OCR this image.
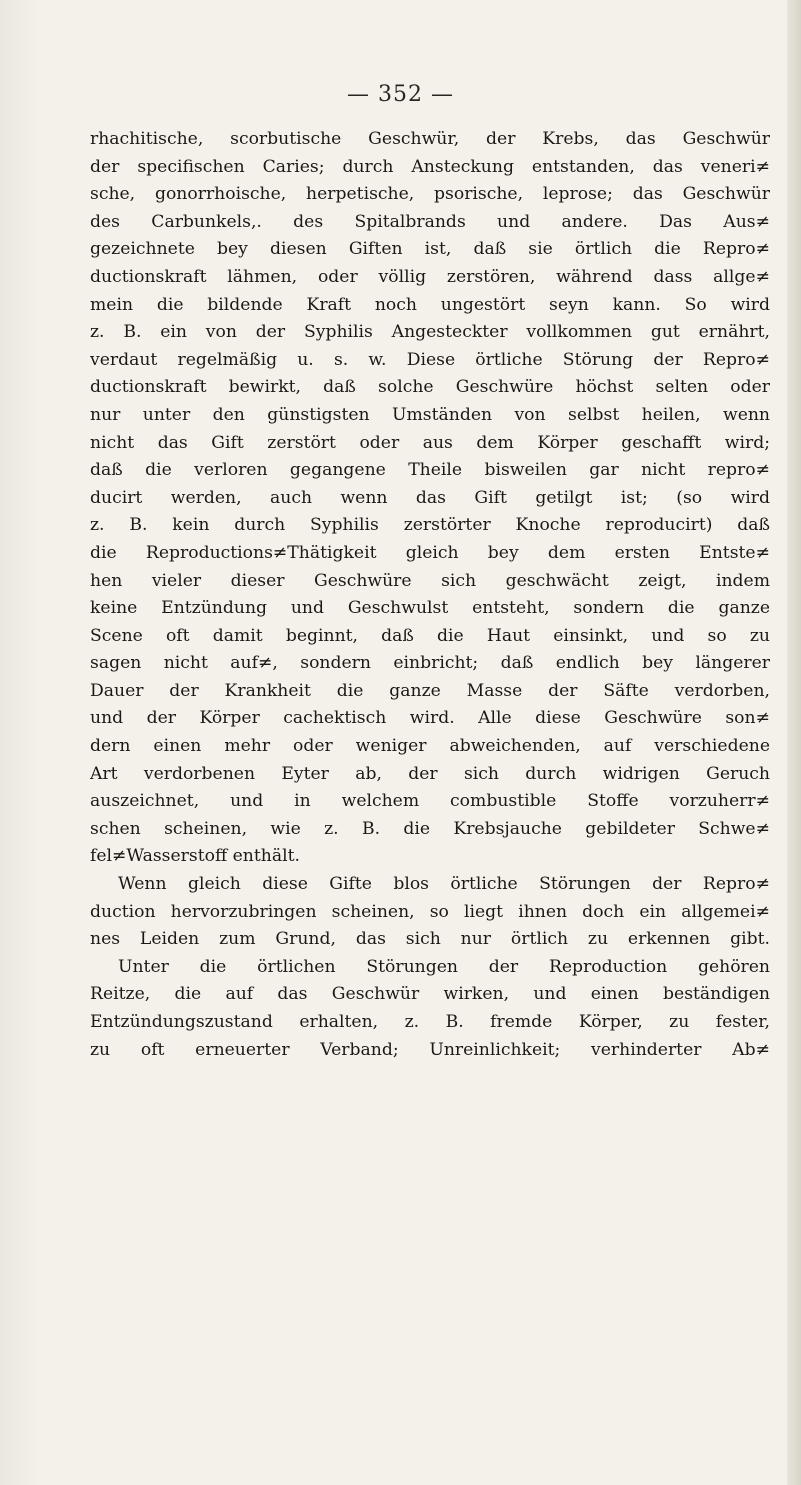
— 352 —
rhachitische, scorbutische Geschwür, der Krebs, das Geschwür
der specifischen Caries; durch Ansteckung entstanden, das veneri≠
sche, gonorrhoische, herpetische, psorische, leprose; das Geschwür
des Carbunkels,. des Spitalbrands und andere. Das Aus≠
gezeichnete bey diesen Giften ist, daß sie örtlich die Repro≠
ductionskraft lähmen, oder völlig zerstören, während dass allge≠
mein die bildende Kraft noch ungestört seyn kann. So wird
z. B. ein von der Syphilis Angesteckter vollkommen gut ernährt,
verdaut regelmäßig u. s. w. Diese örtliche Störung der Repro≠
ductionskraft bewirkt, daß solche Geschwüre höchst selten oder
nur unter den günstigsten Umständen von selbst heilen, wenn
nicht das Gift zerstört oder aus dem Körper geschafft wird;
daß die verloren gegangene Theile bisweilen gar nicht repro≠
ducirt werden, auch wenn das Gift getilgt ist; (so wird
z. B. kein durch Syphilis zerstörter Knoche reproducirt) daß
die Reproductions≠Thätigkeit gleich bey dem ersten Entste≠
hen vieler dieser Geschwüre sich geschwächt zeigt, indem
keine Entzündung und Geschwulst entsteht, sondern die ganze
Scene oft damit beginnt, daß die Haut einsinkt, und so zu
sagen nicht auf≠, sondern einbricht; daß endlich bey längerer
Dauer der Krankheit die ganze Masse der Säfte verdorben,
und der Körper cachektisch wird. Alle diese Geschwüre son≠
dern einen mehr oder weniger abweichenden, auf verschiedene
Art verdorbenen Eyter ab, der sich durch widrigen Geruch
auszeichnet, und in welchem combustible Stoffe vorzuherr≠
schen scheinen, wie z. B. die Krebsjauche gebildeter Schwe≠
fel≠Wasserstoff enthält.
Wenn gleich diese Gifte blos örtliche Störungen der Repro≠
duction hervorzubringen scheinen, so liegt ihnen doch ein allgemei≠
nes Leiden zum Grund, das sich nur örtlich zu erkennen gibt.
Unter die örtlichen Störungen der Reproduction gehören
Reitze, die auf das Geschwür wirken, und einen beständigen
Entzündungszustand erhalten, z. B. fremde Körper, zu fester,
zu oft erneuerter Verband; Unreinlichkeit; verhinderter Ab≠
